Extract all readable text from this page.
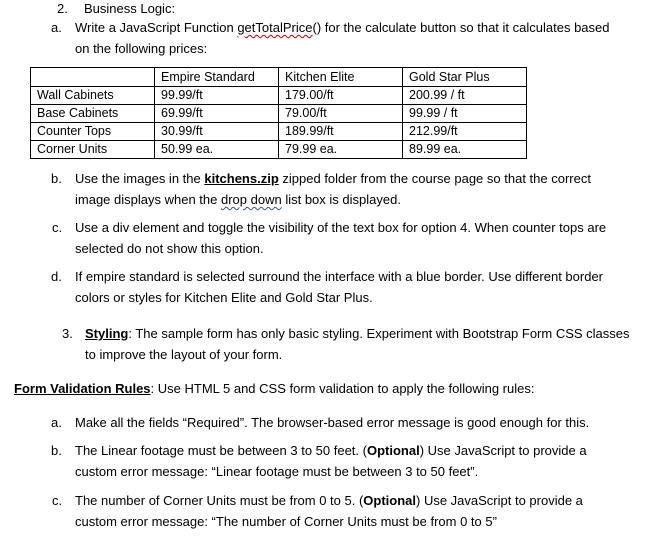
2. Business Logic:
a. Write a JavaScript Function getTotalPrice() for the calculate button so that it calculates based
on the following prices:
	Empire Standard	Kitchen Elite	Gold Star Plus
Wall Cabinets	99.99/ft	179.00/ft	200.99 / ft
Base Cabinets	69.99/ft	79.00/ft	99.99 / ft
Counter Tops	30.99/ft	189.99/ft	212.99/ft
Corner Units	50.99 ea.	79.99 ea.	89.99 ea.
b. Use the images in the kitchens.zip zipped folder from the course page so that the correct
image displays when the drop down list box is displayed.
c. Use a div element and toggle the visibility of the text box for option 4. When counter tops are
selected do not show this option.
d. If empire standard is selected surround the interface with a blue border. Use different border
colors or styles for Kitchen Elite and Gold Star Plus.
3. Styling: The sample form has only basic styling. Experiment with Bootstrap Form CSS classes
to improve the layout of your form.
Form Validation Rules: Use HTML 5 and CSS form validation to apply the following rules:
a. Make all the fields “Required”. The browser-based error message is good enough for this.
b. The Linear footage must be between 3 to 50 feet. (Optional) Use JavaScript to provide a
custom error message: “Linear footage must be between 3 to 50 feet”.
c. The number of Corner Units must be from 0 to 5. (Optional) Use JavaScript to provide a
custom error message: “The number of Corner Units must be from 0 to 5”
